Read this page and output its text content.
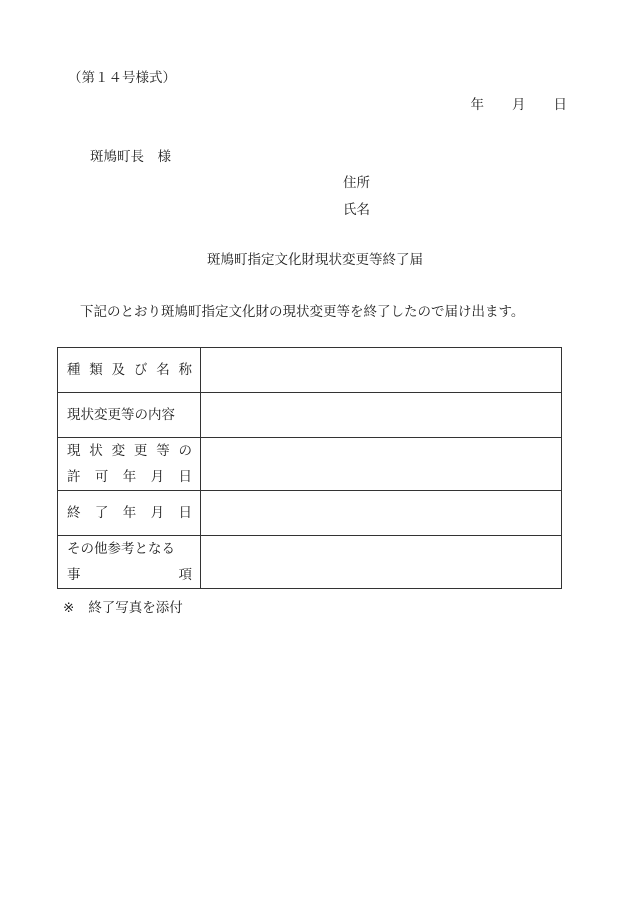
（第１４号様式）
年 月 日
斑鳩町長　様
住所
氏名
斑鳩町指定文化財現状変更等終了届
下記のとおり斑鳩町指定文化財の現状変更等を終了したので届け出ます。
種類及び名称	

現状変更等の内容	

現状変更等の
許可年月日	

終了年月日	

その他参考となる
事項	

※ 終了写真を添付
